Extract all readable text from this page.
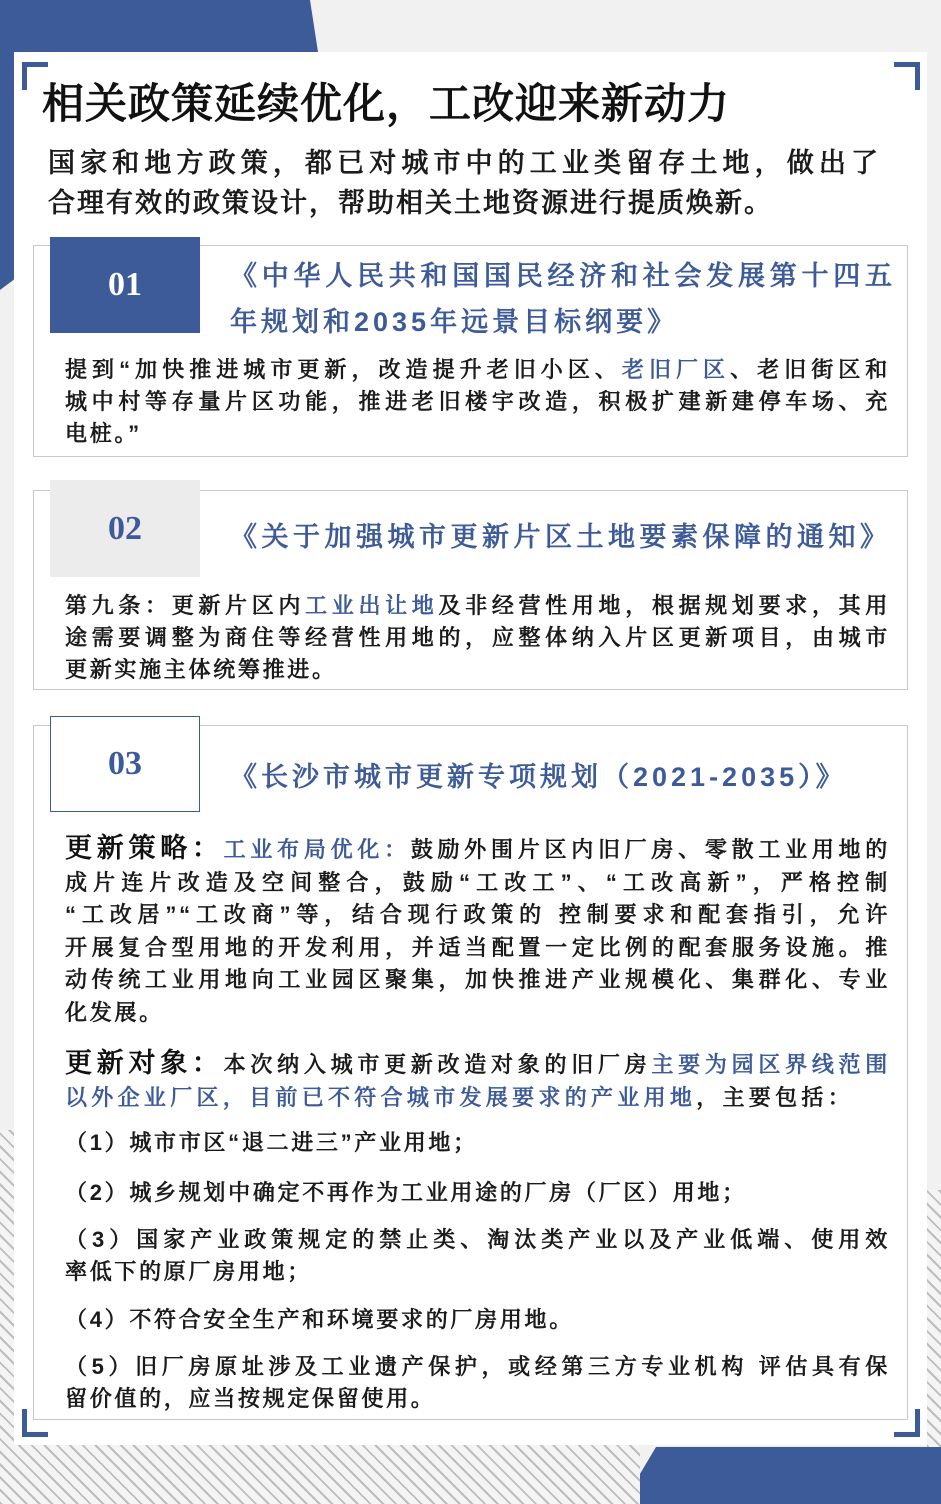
相关政策延续优化，工改迎来新动力
国家和地方政策，都已对城市中的工业类留存土地，做出了
合理有效的政策设计，帮助相关土地资源进行提质焕新。
01	《中华人民共和国国民经济和社会发展第十四五
年规划和2035年远景目标纲要》
提到“加快推进城市更新，改造提升老旧小区、老旧厂区、老旧街区和
城中村等存量片区功能，推进老旧楼宇改造，积极扩建新建停车场、充
电桩。”
02	《关于加强城市更新片区土地要素保障的通知》
第九条：更新片区内工业出让地及非经营性用地，根据规划要求，其用
途需要调整为商住等经营性用地的，应整体纳入片区更新项目，由城市
更新实施主体统筹推进。
03	《长沙市城市更新专项规划（2021-2035）》
更新策略：工业布局优化：鼓励外围片区内旧厂房、零散工业用地的
成片连片改造及空间整合，鼓励“工改工”、“工改高新”，严格控制
“工改居”“工改商”等，结合现行政策的 控制要求和配套指引，允许
开展复合型用地的开发利用，并适当配置一定比例的配套服务设施。推
动传统工业用地向工业园区聚集，加快推进产业规模化、集群化、专业
化发展。
更新对象：本次纳入城市更新改造对象的旧厂房主要为园区界线范围
以外企业厂区，目前已不符合城市发展要求的产业用地，主要包括：
（1）城市市区“退二进三”产业用地；
（2）城乡规划中确定不再作为工业用途的厂房（厂区）用地；
（3）国家产业政策规定的禁止类、淘汰类产业以及产业低端、使用效
率低下的原厂房用地；
（4）不符合安全生产和环境要求的厂房用地。
（5）旧厂房原址涉及工业遗产保护，或经第三方专业机构 评估具有保
留价值的，应当按规定保留使用。
